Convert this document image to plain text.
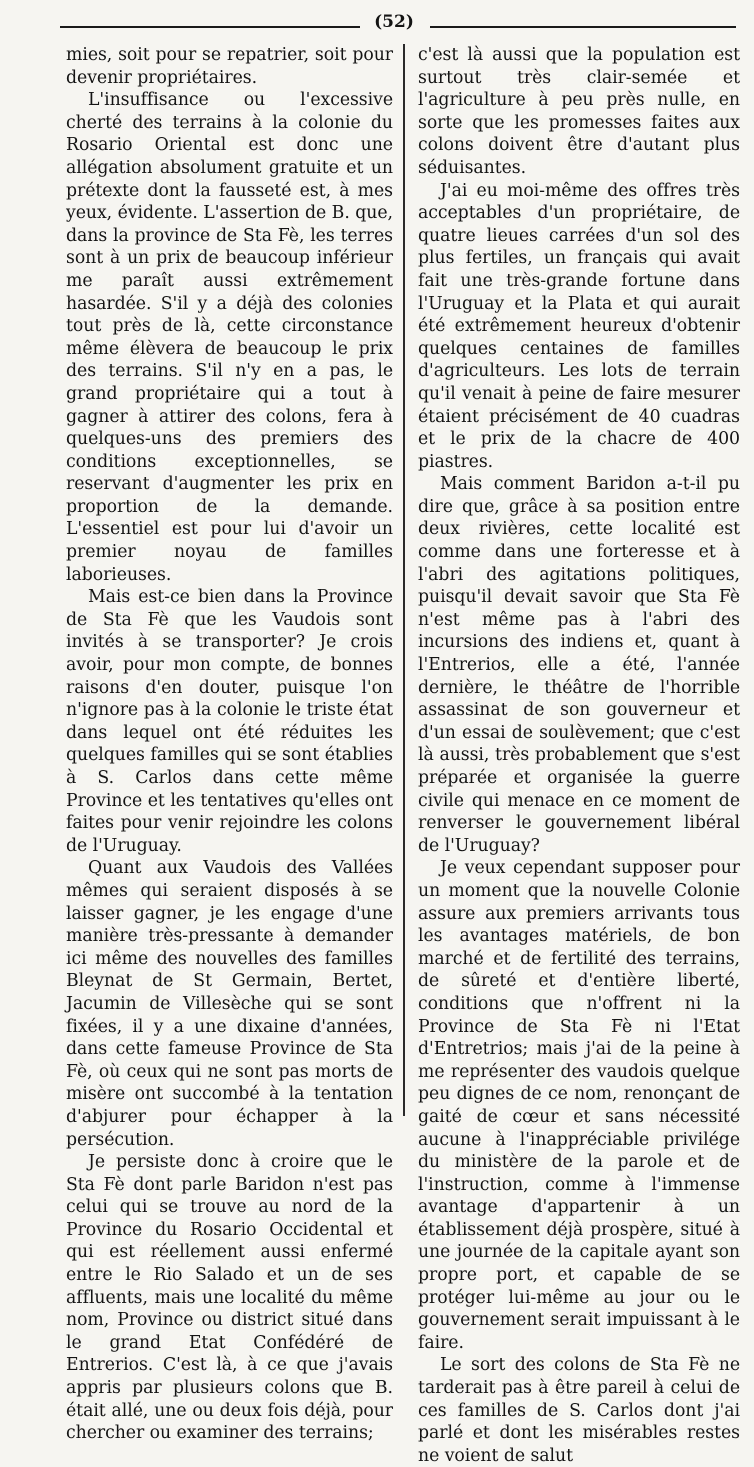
(52)

mies, soit pour se repatrier, soit pour devenir propriétaires.

L'insuffisance ou l'excessive cherté des terrains à la colonie du Rosario Oriental est donc une allégation absolument gratuite et un prétexte dont la fausseté est, à mes yeux, évidente. L'assertion de B. que, dans la province de Sta Fè, les terres sont à un prix de beaucoup inférieur me paraît aussi extrêmement hasardée. S'il y a déjà des colonies tout près de là, cette circonstance même élèvera de beaucoup le prix des terrains. S'il n'y en a pas, le grand propriétaire qui a tout à gagner à attirer des colons, fera à quelques-uns des premiers des conditions exceptionnelles, se reservant d'augmenter les prix en proportion de la demande. L'essentiel est pour lui d'avoir un premier noyau de familles laborieuses.

Mais est-ce bien dans la Province de Sta Fè que les Vaudois sont invités à se transporter? Je crois avoir, pour mon compte, de bonnes raisons d'en douter, puisque l'on n'ignore pas à la colonie le triste état dans lequel ont été réduites les quelques familles qui se sont établies à S. Carlos dans cette même Province et les tentatives qu'elles ont faites pour venir rejoindre les colons de l'Uruguay.

Quant aux Vaudois des Vallées mêmes qui seraient disposés à se laisser gagner, je les engage d'une manière très-pressante à demander ici même des nouvelles des familles Bleynat de St Germain, Bertet, Jacumin de Villesèche qui se sont fixées, il y a une dixaine d'années, dans cette fameuse Province de Sta Fè, où ceux qui ne sont pas morts de misère ont succombé à la tentation d'abjurer pour échapper à la persécution.

Je persiste donc à croire que le Sta Fè dont parle Baridon n'est pas celui qui se trouve au nord de la Province du Rosario Occidental et qui est réellement aussi enfermé entre le Rio Salado et un de ses affluents, mais une localité du même nom, Province ou district situé dans le grand Etat Confédéré de Entrerios. C'est là, à ce que j'avais appris par plusieurs colons que B. était allé, une ou deux fois déjà, pour chercher ou examiner des terrains;

c'est là aussi que la population est surtout très clair-semée et l'agriculture à peu près nulle, en sorte que les promesses faites aux colons doivent être d'autant plus séduisantes.

J'ai eu moi-même des offres très acceptables d'un propriétaire, de quatre lieues carrées d'un sol des plus fertiles, un français qui avait fait une très-grande fortune dans l'Uruguay et la Plata et qui aurait été extrêmement heureux d'obtenir quelques centaines de familles d'agriculteurs. Les lots de terrain qu'il venait à peine de faire mesurer étaient précisément de 40 cuadras et le prix de la chacre de 400 piastres.

Mais comment Baridon a-t-il pu dire que, grâce à sa position entre deux rivières, cette localité est comme dans une forteresse et à l'abri des agitations politiques, puisqu'il devait savoir que Sta Fè n'est même pas à l'abri des incursions des indiens et, quant à l'Entrerios, elle a été, l'année dernière, le théâtre de l'horrible assassinat de son gouverneur et d'un essai de soulèvement; que c'est là aussi, très probablement que s'est préparée et organisée la guerre civile qui menace en ce moment de renverser le gouvernement libéral de l'Uruguay?

Je veux cependant supposer pour un moment que la nouvelle Colonie assure aux premiers arrivants tous les avantages matériels, de bon marché et de fertilité des terrains, de sûreté et d'entière liberté, conditions que n'offrent ni la Province de Sta Fè ni l'Etat d'Entretrios; mais j'ai de la peine à me représenter des vaudois quelque peu dignes de ce nom, renonçant de gaité de cœur et sans nécessité aucune à l'inappréciable privilége du ministère de la parole et de l'instruction, comme à l'immense avantage d'appartenir à un établissement déjà prospère, situé à une journée de la capitale ayant son propre port, et capable de se protéger lui-même au jour ou le gouvernement serait impuissant à le faire.

Le sort des colons de Sta Fè ne tarderait pas à être pareil à celui de ces familles de S. Carlos dont j'ai parlé et dont les misérables restes ne voient de salut
